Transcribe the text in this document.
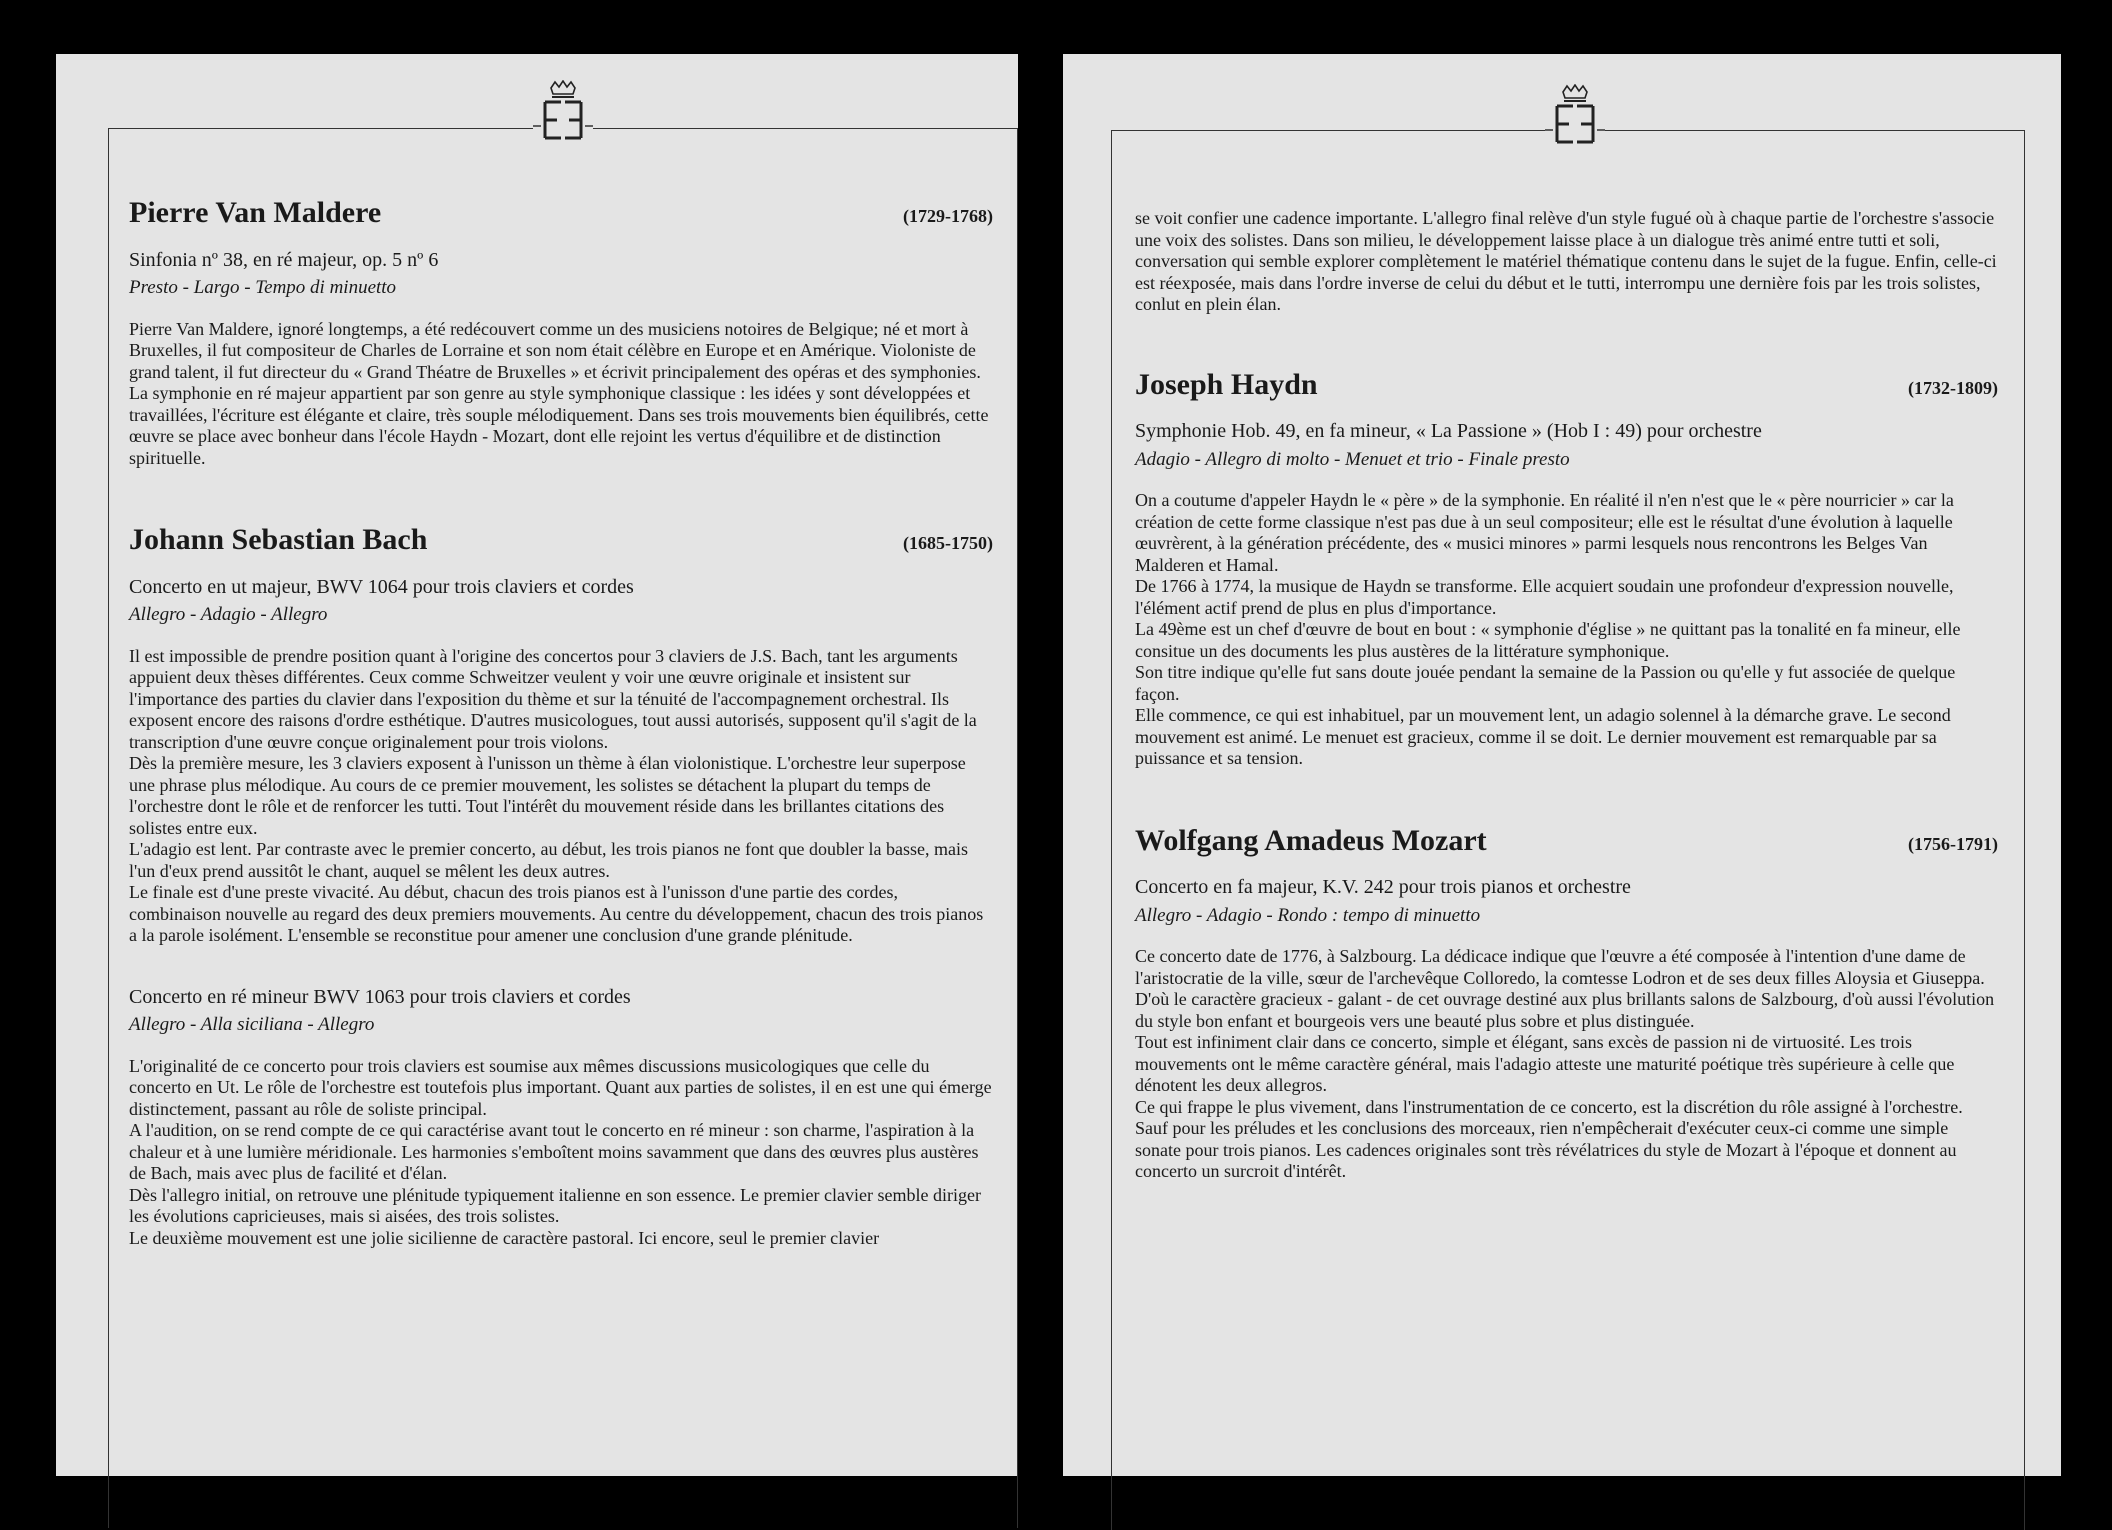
Pierre Van Maldere	(1729-1768)
Sinfonia nº 38, en ré majeur, op. 5 nº 6
Presto - Largo - Tempo di minuetto

Pierre Van Maldere, ignoré longtemps, a été redécouvert comme un des musiciens notoires de Belgique; né et mort à Bruxelles, il fut compositeur de Charles de Lorraine et son nom était célèbre en Europe et en Amérique. Violoniste de grand talent, il fut directeur du « Grand Théatre de Bruxelles » et écrivit principalement des opéras et des symphonies.

La symphonie en ré majeur appartient par son genre au style symphonique classique : les idées y sont développées et travaillées, l'écriture est élégante et claire, très souple mélodiquement. Dans ses trois mouvements bien équilibrés, cette œuvre se place avec bonheur dans l'école Haydn - Mozart, dont elle rejoint les vertus d'équilibre et de distinction spirituelle.

Johann Sebastian Bach	(1685-1750)
Concerto en ut majeur, BWV 1064 pour trois claviers et cordes
Allegro - Adagio - Allegro

Il est impossible de prendre position quant à l'origine des concertos pour 3 claviers de J.S. Bach, tant les arguments appuient deux thèses différentes. Ceux comme Schweitzer veulent y voir une œuvre originale et insistent sur l'importance des parties du clavier dans l'exposition du thème et sur la ténuité de l'accompagnement orchestral. Ils exposent encore des raisons d'ordre esthétique. D'autres musicologues, tout aussi autorisés, supposent qu'il s'agit de la transcription d'une œuvre conçue originalement pour trois violons.

Dès la première mesure, les 3 claviers exposent à l'unisson un thème à élan violonistique. L'orchestre leur superpose une phrase plus mélodique. Au cours de ce premier mouvement, les solistes se détachent la plupart du temps de l'orchestre dont le rôle et de renforcer les tutti. Tout l'intérêt du mouvement réside dans les brillantes citations des solistes entre eux.

L'adagio est lent. Par contraste avec le premier concerto, au début, les trois pianos ne font que doubler la basse, mais l'un d'eux prend aussitôt le chant, auquel se mêlent les deux autres.

Le finale est d'une preste vivacité. Au début, chacun des trois pianos est à l'unisson d'une partie des cordes, combinaison nouvelle au regard des deux premiers mouvements. Au centre du développement, chacun des trois pianos a la parole isolément. L'ensemble se reconstitue pour amener une conclusion d'une grande plénitude.

Concerto en ré mineur BWV 1063 pour trois claviers et cordes
Allegro - Alla siciliana - Allegro

L'originalité de ce concerto pour trois claviers est soumise aux mêmes discussions musicologiques que celle du concerto en Ut. Le rôle de l'orchestre est toutefois plus important. Quant aux parties de solistes, il en est une qui émerge distinctement, passant au rôle de soliste principal.

A l'audition, on se rend compte de ce qui caractérise avant tout le concerto en ré mineur : son charme, l'aspiration à la chaleur et à une lumière méridionale. Les harmonies s'emboîtent moins savamment que dans des œuvres plus austères de Bach, mais avec plus de facilité et d'élan.

Dès l'allegro initial, on retrouve une plénitude typiquement italienne en son essence. Le premier clavier semble diriger les évolutions capricieuses, mais si aisées, des trois solistes.

Le deuxième mouvement est une jolie sicilienne de caractère pastoral. Ici encore, seul le premier clavier

se voit confier une cadence importante. L'allegro final relève d'un style fugué où à chaque partie de l'orchestre s'associe une voix des solistes. Dans son milieu, le développement laisse place à un dialogue très animé entre tutti et soli, conversation qui semble explorer complètement le matériel thématique contenu dans le sujet de la fugue. Enfin, celle-ci est réexposée, mais dans l'ordre inverse de celui du début et le tutti, interrompu une dernière fois par les trois solistes, conlut en plein élan.

Joseph Haydn	(1732-1809)
Symphonie Hob. 49, en fa mineur, « La Passione » (Hob I : 49) pour orchestre
Adagio - Allegro di molto - Menuet et trio - Finale presto

On a coutume d'appeler Haydn le « père » de la symphonie. En réalité il n'en n'est que le « père nourricier » car la création de cette forme classique n'est pas due à un seul compositeur; elle est le résultat d'une évolution à laquelle œuvrèrent, à la génération précédente, des « musici minores » parmi lesquels nous rencontrons les Belges Van Malderen et Hamal.

De 1766 à 1774, la musique de Haydn se transforme. Elle acquiert soudain une profondeur d'expression nouvelle, l'élément actif prend de plus en plus d'importance.

La 49ème est un chef d'œuvre de bout en bout : « symphonie d'église » ne quittant pas la tonalité en fa mineur, elle consitue un des documents les plus austères de la littérature symphonique.

Son titre indique qu'elle fut sans doute jouée pendant la semaine de la Passion ou qu'elle y fut associée de quelque façon.

Elle commence, ce qui est inhabituel, par un mouvement lent, un adagio solennel à la démarche grave. Le second mouvement est animé. Le menuet est gracieux, comme il se doit. Le dernier mouvement est remarquable par sa puissance et sa tension.

Wolfgang Amadeus Mozart	(1756-1791)
Concerto en fa majeur, K.V. 242 pour trois pianos et orchestre
Allegro - Adagio - Rondo : tempo di minuetto

Ce concerto date de 1776, à Salzbourg. La dédicace indique que l'œuvre a été composée à l'intention d'une dame de l'aristocratie de la ville, sœur de l'archevêque Colloredo, la comtesse Lodron et de ses deux filles Aloysia et Giuseppa. D'où le caractère gracieux - galant - de cet ouvrage destiné aux plus brillants salons de Salzbourg, d'où aussi l'évolution du style bon enfant et bourgeois vers une beauté plus sobre et plus distinguée.

Tout est infiniment clair dans ce concerto, simple et élégant, sans excès de passion ni de virtuosité. Les trois mouvements ont le même caractère général, mais l'adagio atteste une maturité poétique très supérieure à celle que dénotent les deux allegros.

Ce qui frappe le plus vivement, dans l'instrumentation de ce concerto, est la discrétion du rôle assigné à l'orchestre. Sauf pour les préludes et les conclusions des morceaux, rien n'empêcherait d'exécuter ceux-ci comme une simple sonate pour trois pianos. Les cadences originales sont très révélatrices du style de Mozart à l'époque et donnent au concerto un surcroit d'intérêt.
